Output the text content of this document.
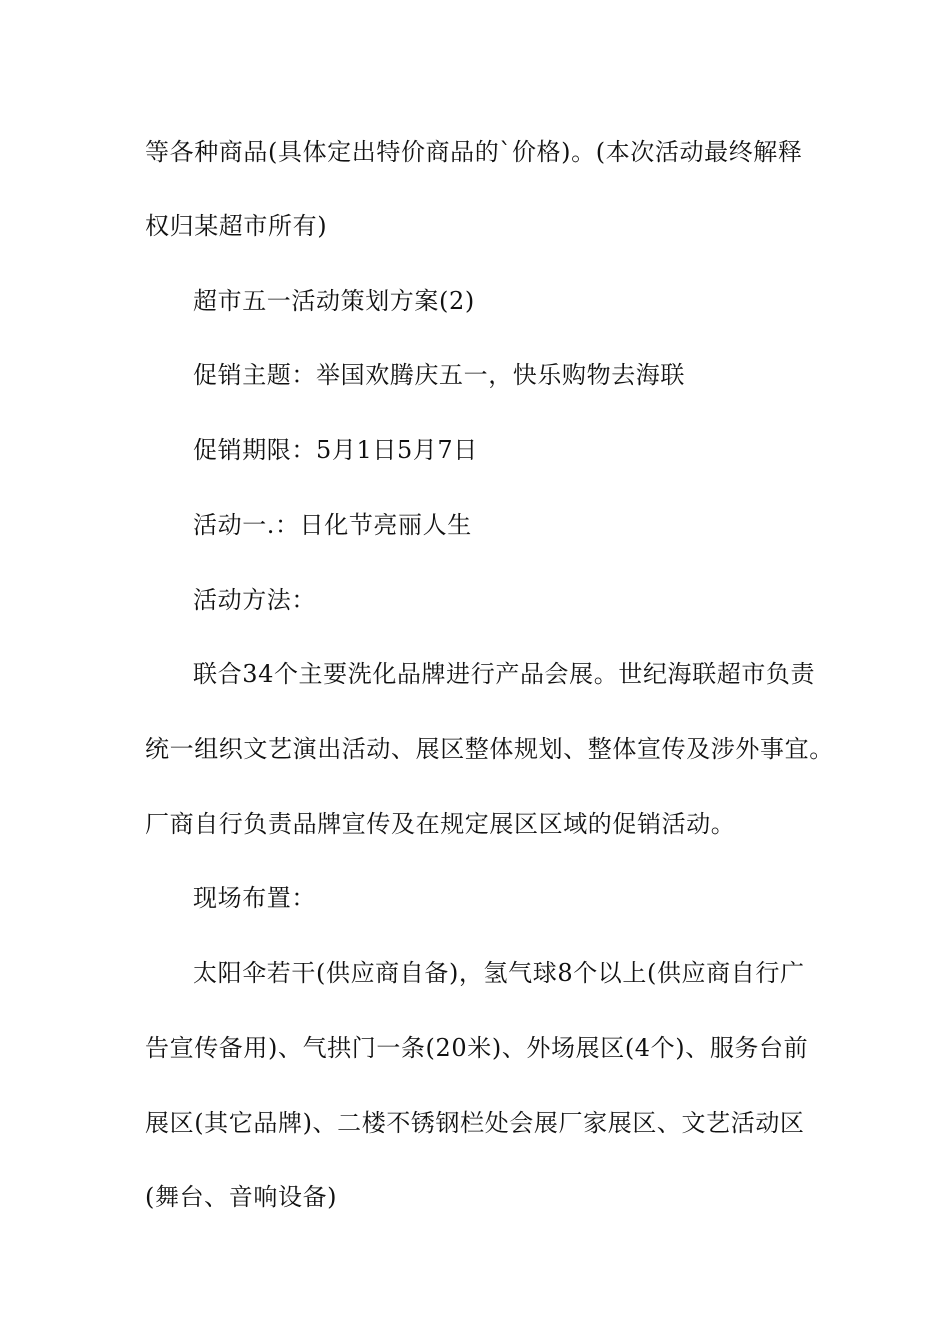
等各种商品(具体定出特价商品的`价格)。(本次活动最终解释
权归某超市所有)
超市五一活动策划方案(2)
促销主题：举国欢腾庆五一，快乐购物去海联
促销期限：5月1日5月7日
活动一.：日化节亮丽人生
活动方法：
联合34个主要洗化品牌进行产品会展。世纪海联超市负责
统一组织文艺演出活动、展区整体规划、整体宣传及涉外事宜。
厂商自行负责品牌宣传及在规定展区区域的促销活动。
现场布置：
太阳伞若干(供应商自备)，氢气球8个以上(供应商自行广
告宣传备用)、气拱门一条(20米)、外场展区(4个)、服务台前
展区(其它品牌)、二楼不锈钢栏处会展厂家展区、文艺活动区
(舞台、音响设备)
